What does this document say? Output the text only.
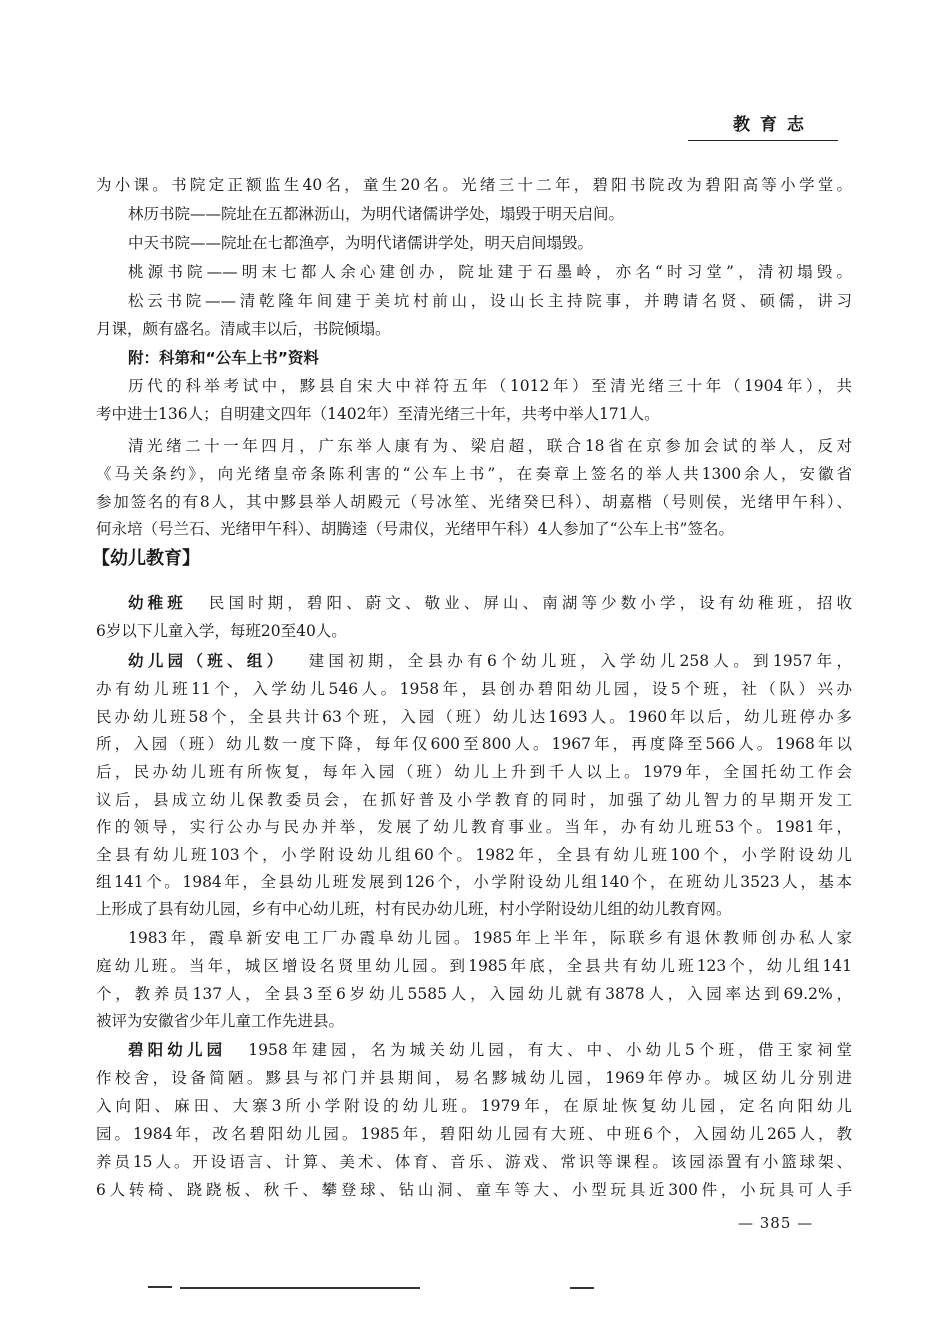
教育志
为小课。书院定正额监生40名，童生20名。光绪三十二年，碧阳书院改为碧阳高等小学堂。
林历书院——院址在五都淋沥山，为明代诸儒讲学处，塌毁于明天启间。
中天书院——院址在七都渔亭，为明代诸儒讲学处，明天启间塌毁。
桃源书院——明末七都人余心建创办，院址建于石墨岭，亦名“时习堂”，清初塌毁。
松云书院——清乾隆年间建于美坑村前山，设山长主持院事，并聘请名贤、硕儒，讲习
月课，颇有盛名。清咸丰以后，书院倾塌。
附：科第和“公车上书”资料
历代的科举考试中，黟县自宋大中祥符五年（1012年）至清光绪三十年（1904年），共
考中进士136人；自明建文四年（1402年）至清光绪三十年，共考中举人171人。
清光绪二十一年四月，广东举人康有为、梁启超，联合18省在京参加会试的举人，反对
《马关条约》，向光绪皇帝条陈利害的“公车上书”，在奏章上签名的举人共1300余人，安徽省
参加签名的有8人，其中黟县举人胡殿元（号冰笙、光绪癸巳科）、胡嘉楷（号则侯，光绪甲午科）、
何永培（号兰石、光绪甲午科）、胡腾逵（号肃仪，光绪甲午科）4人参加了“公车上书”签名。
【幼儿教育】
幼稚班 民国时期，碧阳、蔚文、敬业、屏山、南湖等少数小学，设有幼稚班，招收
6岁以下儿童入学，每班20至40人。
幼儿园（班、组） 建国初期，全县办有6个幼儿班，入学幼儿258人。到1957年，
办有幼儿班11个，入学幼儿546人。1958年，县创办碧阳幼儿园，设5个班，社（队）兴办
民办幼儿班58个，全县共计63个班，入园（班）幼儿达1693人。1960年以后，幼儿班停办多
所，入园（班）幼儿数一度下降，每年仅600至800人。1967年，再度降至566人。1968年以
后，民办幼儿班有所恢复，每年入园（班）幼儿上升到千人以上。1979年，全国托幼工作会
议后，县成立幼儿保教委员会，在抓好普及小学教育的同时，加强了幼儿智力的早期开发工
作的领导，实行公办与民办并举，发展了幼儿教育事业。当年，办有幼儿班53个。1981年，
全县有幼儿班103个，小学附设幼儿组60个。1982年，全县有幼儿班100个，小学附设幼儿
组141个。1984年，全县幼儿班发展到126个，小学附设幼儿组140个，在班幼儿3523人，基本
上形成了县有幼儿园，乡有中心幼儿班，村有民办幼儿班，村小学附设幼儿组的幼儿教育网。
1983年，霞阜新安电工厂办霞阜幼儿园。1985年上半年，际联乡有退休教师创办私人家
庭幼儿班。当年，城区增设名贤里幼儿园。到1985年底，全县共有幼儿班123个，幼儿组141
个，教养员137人，全县3至6岁幼儿5585人，入园幼儿就有3878人，入园率达到69.2%，
被评为安徽省少年儿童工作先进县。
碧阳幼儿园 1958年建园，名为城关幼儿园，有大、中、小幼儿5个班，借王家祠堂
作校舍，设备简陋。黟县与祁门并县期间，易名黟城幼儿园，1969年停办。城区幼儿分别进
入向阳、麻田、大寨3所小学附设的幼儿班。1979年，在原址恢复幼儿园，定名向阳幼儿
园。1984年，改名碧阳幼儿园。1985年，碧阳幼儿园有大班、中班6个，入园幼儿265人，教
养员15人。开设语言、计算、美术、体育、音乐、游戏、常识等课程。该园添置有小篮球架、
6人转椅、跷跷板、秋千、攀登球、钻山洞、童车等大、小型玩具近300件，小玩具可人手
— 385 —
